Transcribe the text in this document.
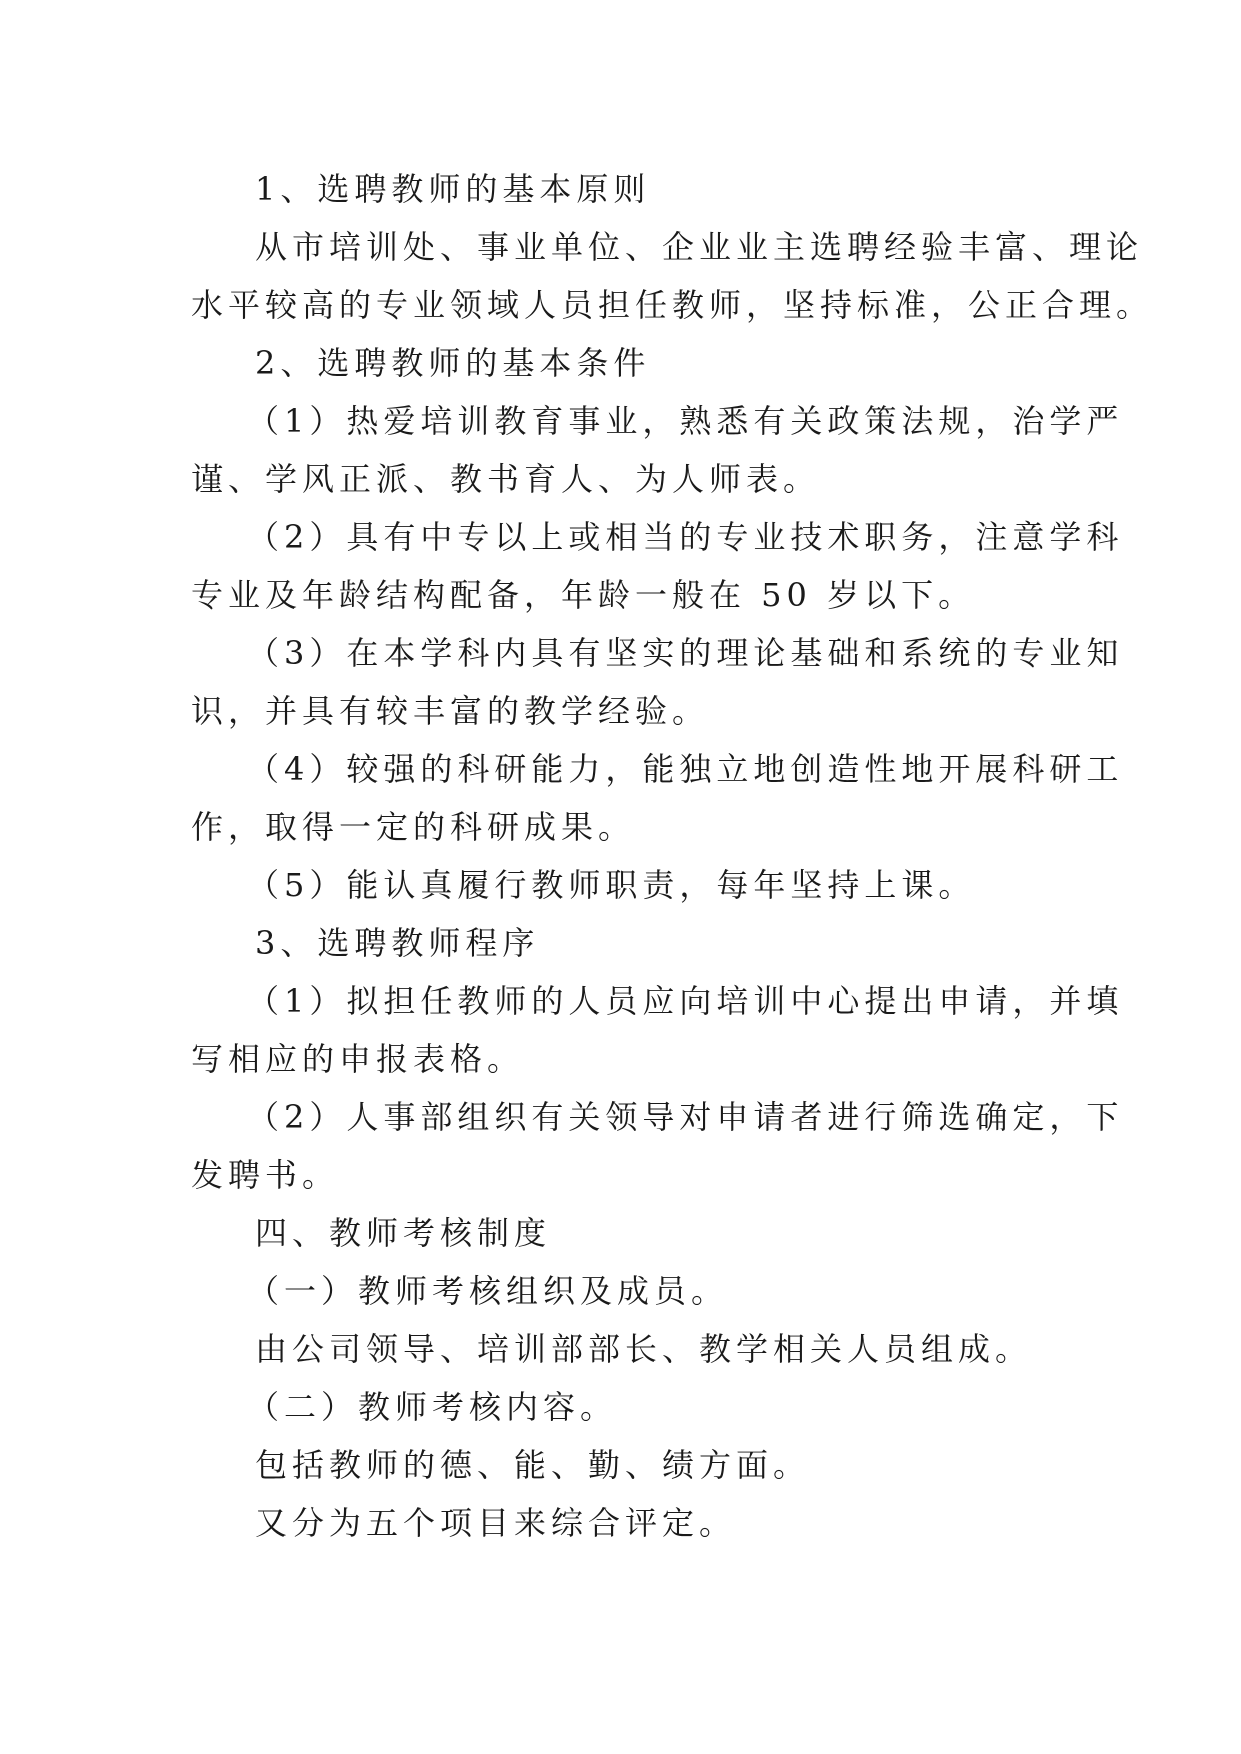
1、选聘教师的基本原则
从市培训处、事业单位、企业业主选聘经验丰富、理论
水平较高的专业领域人员担任教师，坚持标准，公正合理。
2、选聘教师的基本条件
（1）热爱培训教育事业，熟悉有关政策法规，治学严
谨、学风正派、教书育人、为人师表。
（2）具有中专以上或相当的专业技术职务，注意学科
专业及年龄结构配备，年龄一般在 50 岁以下。
（3）在本学科内具有坚实的理论基础和系统的专业知
识，并具有较丰富的教学经验。
（4）较强的科研能力，能独立地创造性地开展科研工
作，取得一定的科研成果。
（5）能认真履行教师职责，每年坚持上课。
3、选聘教师程序
（1）拟担任教师的人员应向培训中心提出申请，并填
写相应的申报表格。
（2）人事部组织有关领导对申请者进行筛选确定，下
发聘书。
四、教师考核制度
（一）教师考核组织及成员。
由公司领导、培训部部长、教学相关人员组成。
（二）教师考核内容。
包括教师的德、能、勤、绩方面。
又分为五个项目来综合评定。
